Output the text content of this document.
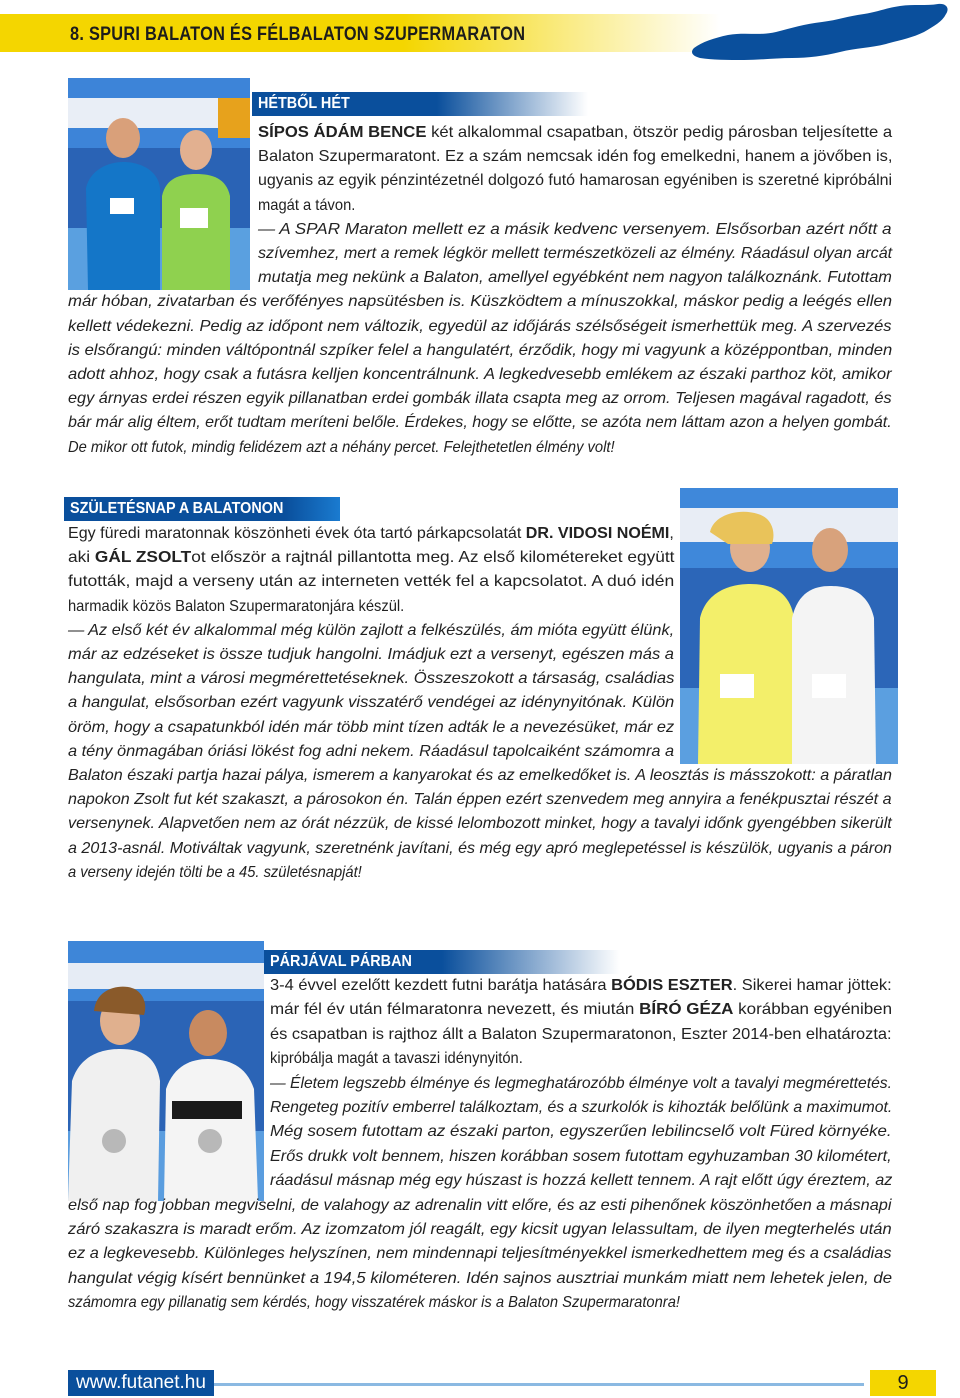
8. SPURI BALATON ÉS FÉLBALATON SZUPERMARATON
HÉTBŐL HÉT
SÍPOS ÁDÁM BENCE két alkalommal csapatban, ötször pedig párosban teljesítette a
Balaton Szupermaratont. Ez a szám nemcsak idén fog emelkedni, hanem a jövőben is,
ugyanis az egyik pénzintézetnél dolgozó futó hamarosan egyéniben is szeretné kipróbálni
magát a távon.
— A SPAR Maraton mellett ez a másik kedvenc versenyem. Elsősorban azért nőtt a
szívemhez, mert a remek légkör mellett természetközeli az élmény. Ráadásul olyan arcát
mutatja meg nekünk a Balaton, amellyel egyébként nem nagyon találkoznánk. Futottam
már hóban, zivatarban és verőfényes napsütésben is. Küszködtem a mínuszokkal, máskor pedig a leégés ellen
kellett védekezni. Pedig az időpont nem változik, egyedül az időjárás szélsőségeit ismerhettük meg. A szervezés
is elsőrangú: minden váltópontnál szpíker felel a hangulatért, érződik, hogy mi vagyunk a középpontban, minden
adott ahhoz, hogy csak a futásra kelljen koncentrálnunk. A legkedvesebb emlékem az északi parthoz köt, amikor
egy árnyas erdei részen egyik pillanatban erdei gombák illata csapta meg az orrom. Teljesen magával ragadott, és
bár már alig éltem, erőt tudtam meríteni belőle. Érdekes, hogy se előtte, se azóta nem láttam azon a helyen gombát.
De mikor ott futok, mindig felidézem azt a néhány percet. Felejthetetlen élmény volt!
SZÜLETÉSNAP A BALATONON
Egy füredi maratonnak köszönheti évek óta tartó párkapcsolatát DR. VIDOSI NOÉMI,
aki GÁL ZSOLTot először a rajtnál pillantotta meg. Az első kilométereket együtt
futották, majd a verseny után az interneten vették fel a kapcsolatot. A duó idén
harmadik közös Balaton Szupermaratonjára készül.
— Az első két év alkalommal még külön zajlott a felkészülés, ám mióta együtt élünk,
már az edzéseket is össze tudjuk hangolni. Imádjuk ezt a versenyt, egészen más a
hangulata, mint a városi megmérettetéseknek. Összeszokott a társaság, családias
a hangulat, elsősorban ezért vagyunk visszatérő vendégei az idénynyitónak. Külön
öröm, hogy a csapatunkból idén már több mint tízen adták le a nevezésüket, már ez
a tény önmagában óriási lökést fog adni nekem. Ráadásul tapolcaiként számomra a
Balaton északi partja hazai pálya, ismerem a kanyarokat és az emelkedőket is. A leosztás is másszokott: a páratlan
napokon Zsolt fut két szakaszt, a párosokon én. Talán éppen ezért szenvedem meg annyira a fenékpusztai részét a
versenynek. Alapvetően nem az órát nézzük, de kissé lelombozott minket, hogy a tavalyi időnk gyengébben sikerült
a 2013-asnál. Motiváltak vagyunk, szeretnénk javítani, és még egy apró meglepetéssel is készülök, ugyanis a páron
a verseny idején tölti be a 45. születésnapját!
PÁRJÁVAL PÁRBAN
3-4 évvel ezelőtt kezdett futni barátja hatására BÓDIS ESZTER. Sikerei hamar jöttek:
már fél év után félmaratonra nevezett, és miután BÍRÓ GÉZA korábban egyéniben
és csapatban is rajthoz állt a Balaton Szupermaratonon, Eszter 2014-ben elhatározta:
kipróbálja magát a tavaszi idénynyitón.
— Életem legszebb élménye és legmeghatározóbb élménye volt a tavalyi megmérettetés.
Rengeteg pozitív emberrel találkoztam, és a szurkolók is kihozták belőlünk a maximumot.
Még sosem futottam az északi parton, egyszerűen lebilincselő volt Füred környéke.
Erős drukk volt bennem, hiszen korábban sosem futottam egyhuzamban 30 kilométert,
ráadásul másnap még egy húszast is hozzá kellett tennem. A rajt előtt úgy éreztem, az
első nap fog jobban megviselni, de valahogy az adrenalin vitt előre, és az esti pihenőnek köszönhetően a másnapi
záró szakaszra is maradt erőm. Az izomzatom jól reagált, egy kicsit ugyan lelassultam, de ilyen megterhelés után
ez a legkevesebb. Különleges helyszínen, nem mindennapi teljesítményekkel ismerkedhettem meg és a családias
hangulat végig kísért bennünket a 194,5 kilométeren. Idén sajnos ausztriai munkám miatt nem lehetek jelen, de
számomra egy pillanatig sem kérdés, hogy visszatérek máskor is a Balaton Szupermaratonra!
www.futanet.hu	9
